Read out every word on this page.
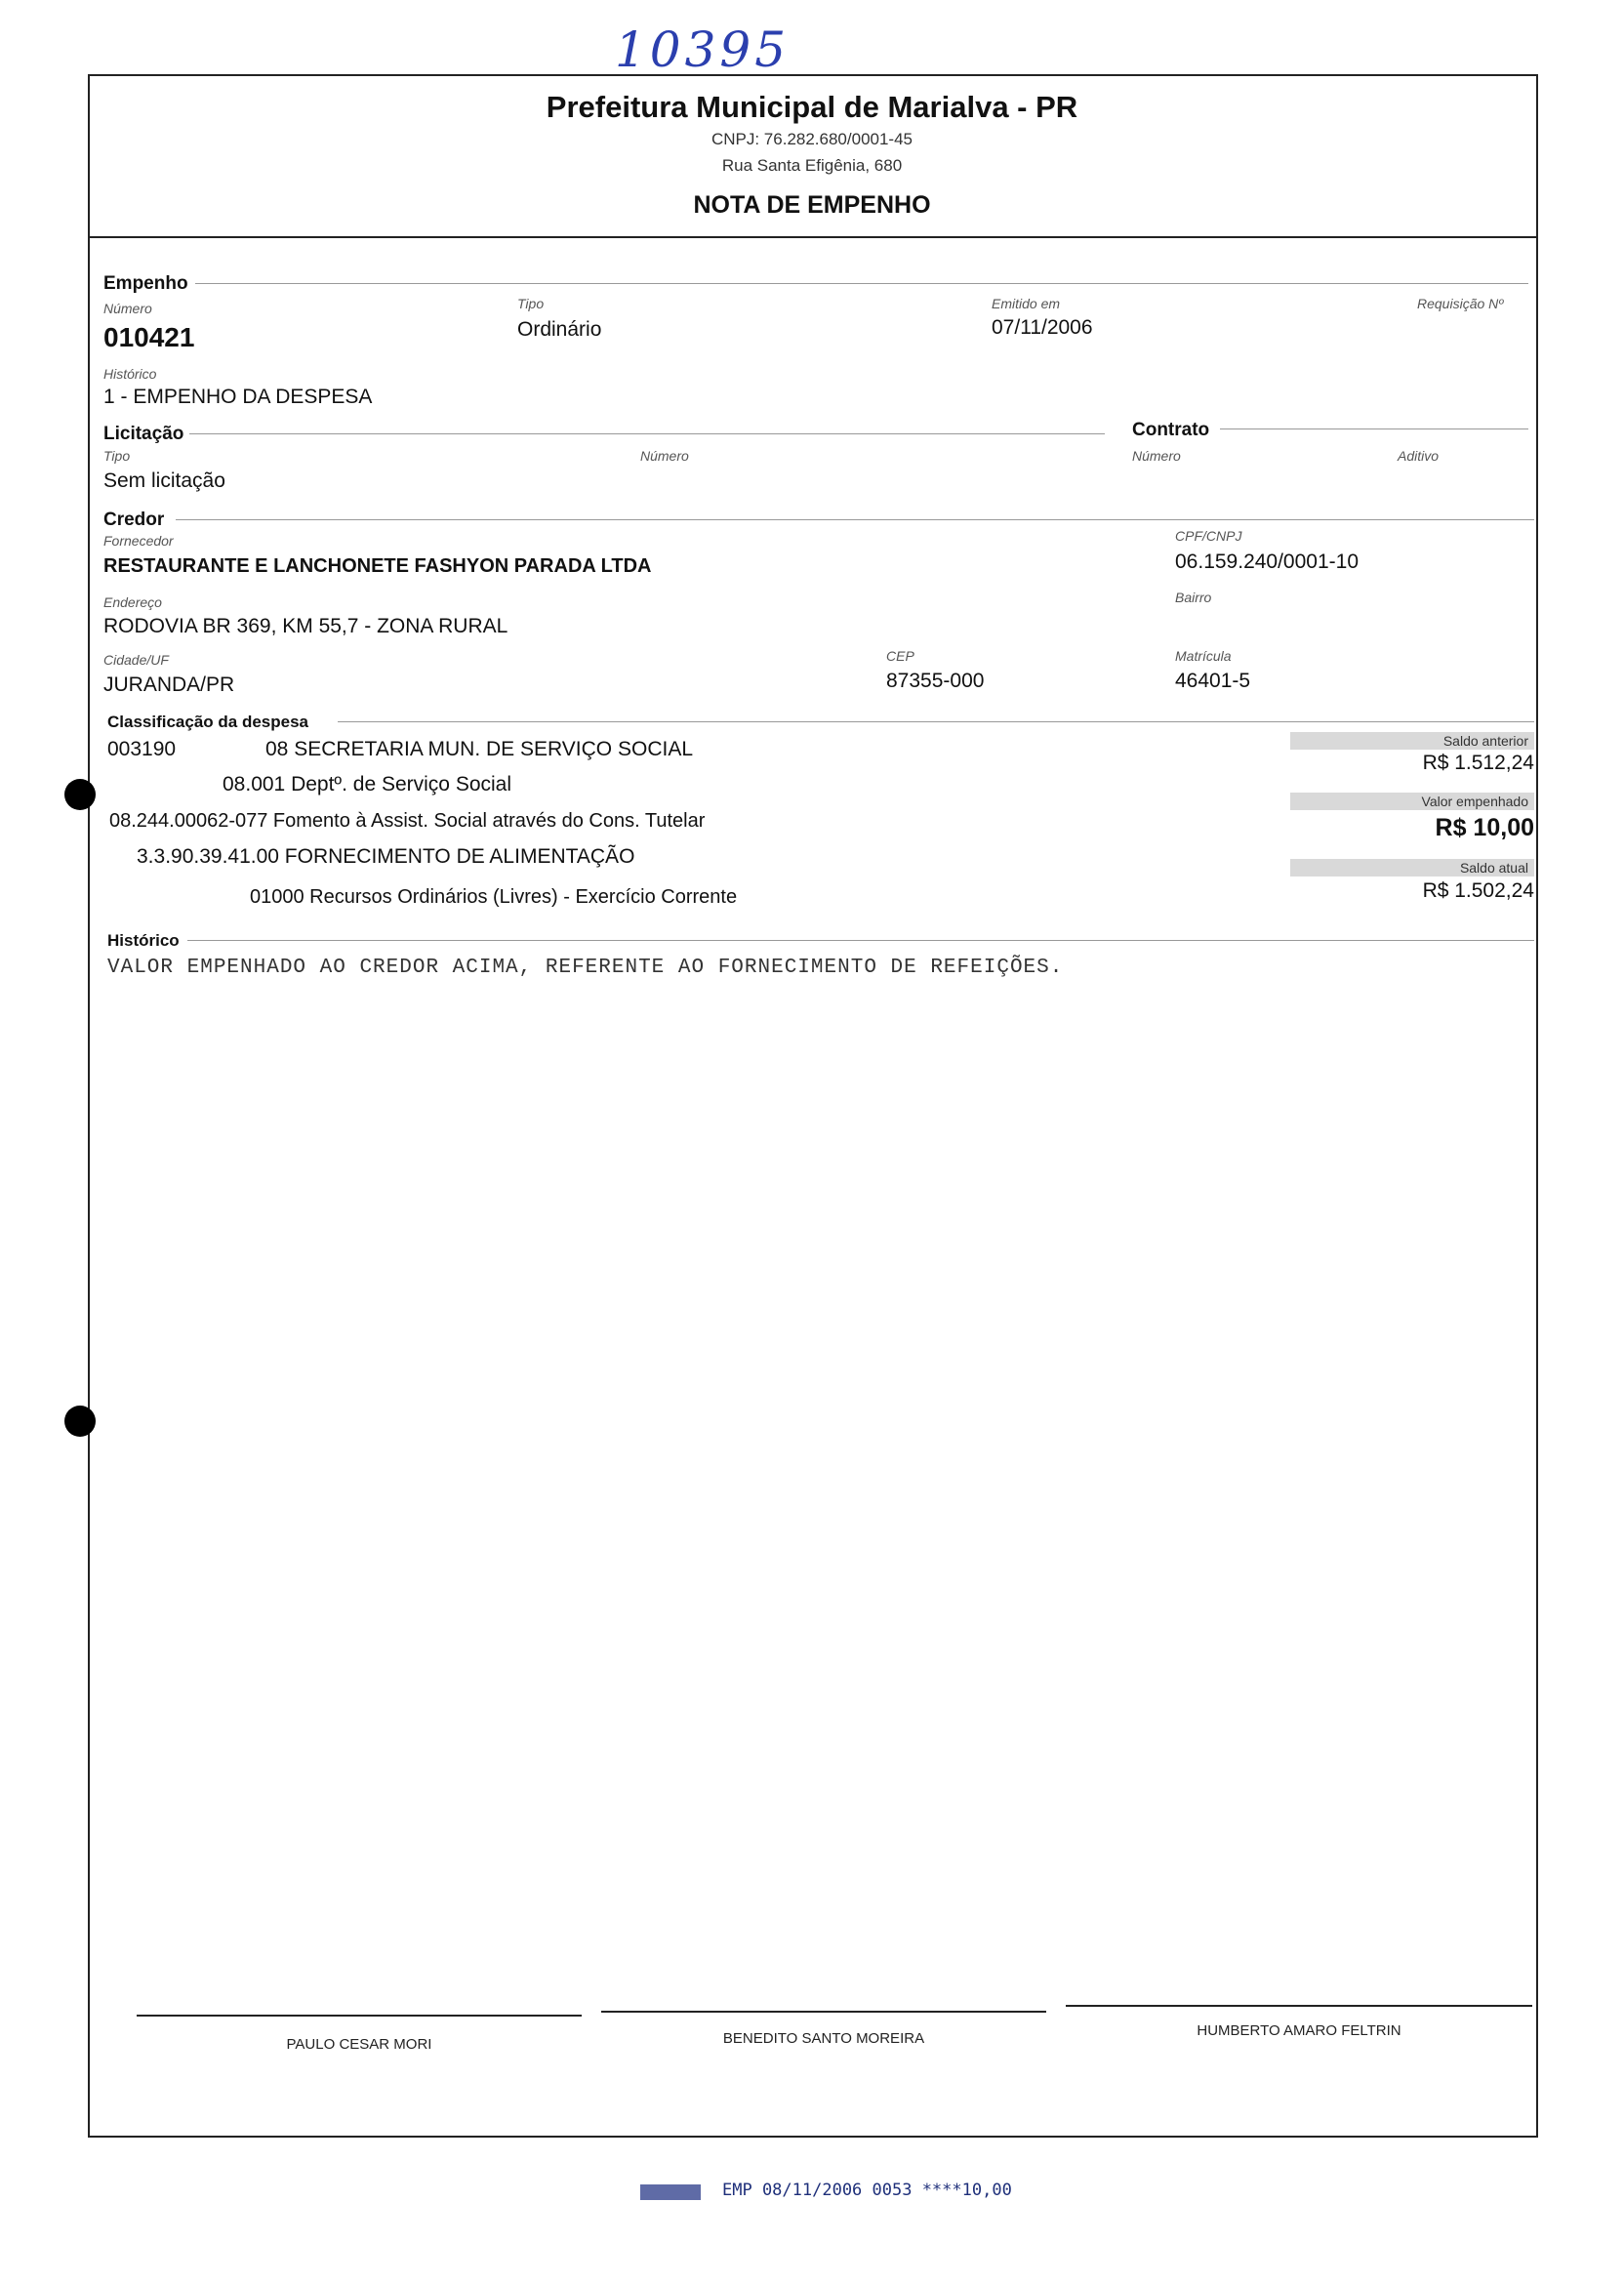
10395
Prefeitura Municipal de Marialva - PR
CNPJ: 76.282.680/0001-45
Rua Santa Efigênia, 680
NOTA DE EMPENHO
Empenho
Número
010421
Tipo
Ordinário
Emitido em
07/11/2006
Requisição Nº
Histórico
1 - EMPENHO DA DESPESA
Licitação	Contrato
Tipo
Sem licitação
Número	Número	Aditivo
Credor
Fornecedor
RESTAURANTE E LANCHONETE FASHYON PARADA LTDA
CPF/CNPJ
06.159.240/0001-10
Endereço
RODOVIA BR 369, KM 55,7 - ZONA RURAL
Bairro
Cidade/UF
JURANDA/PR
CEP
87355-000
Matrícula
46401-5
Classificação da despesa
003190	08 SECRETARIA MUN. DE SERVIÇO SOCIAL
08.001 Deptº. de Serviço Social
08.244.00062-077 Fomento à Assist. Social através do Cons. Tutelar
3.3.90.39.41.00 FORNECIMENTO DE ALIMENTAÇÃO
01000 Recursos Ordinários (Livres) - Exercício Corrente
Saldo anterior
R$ 1.512,24
Valor empenhado
R$ 10,00
Saldo atual
R$ 1.502,24
Histórico
VALOR EMPENHADO AO CREDOR ACIMA, REFERENTE AO FORNECIMENTO DE REFEIÇÕES.
PAULO CESAR MORI	BENEDITO SANTO MOREIRA	HUMBERTO AMARO FELTRIN
EMP 08/11/2006 0053 ****10,00
